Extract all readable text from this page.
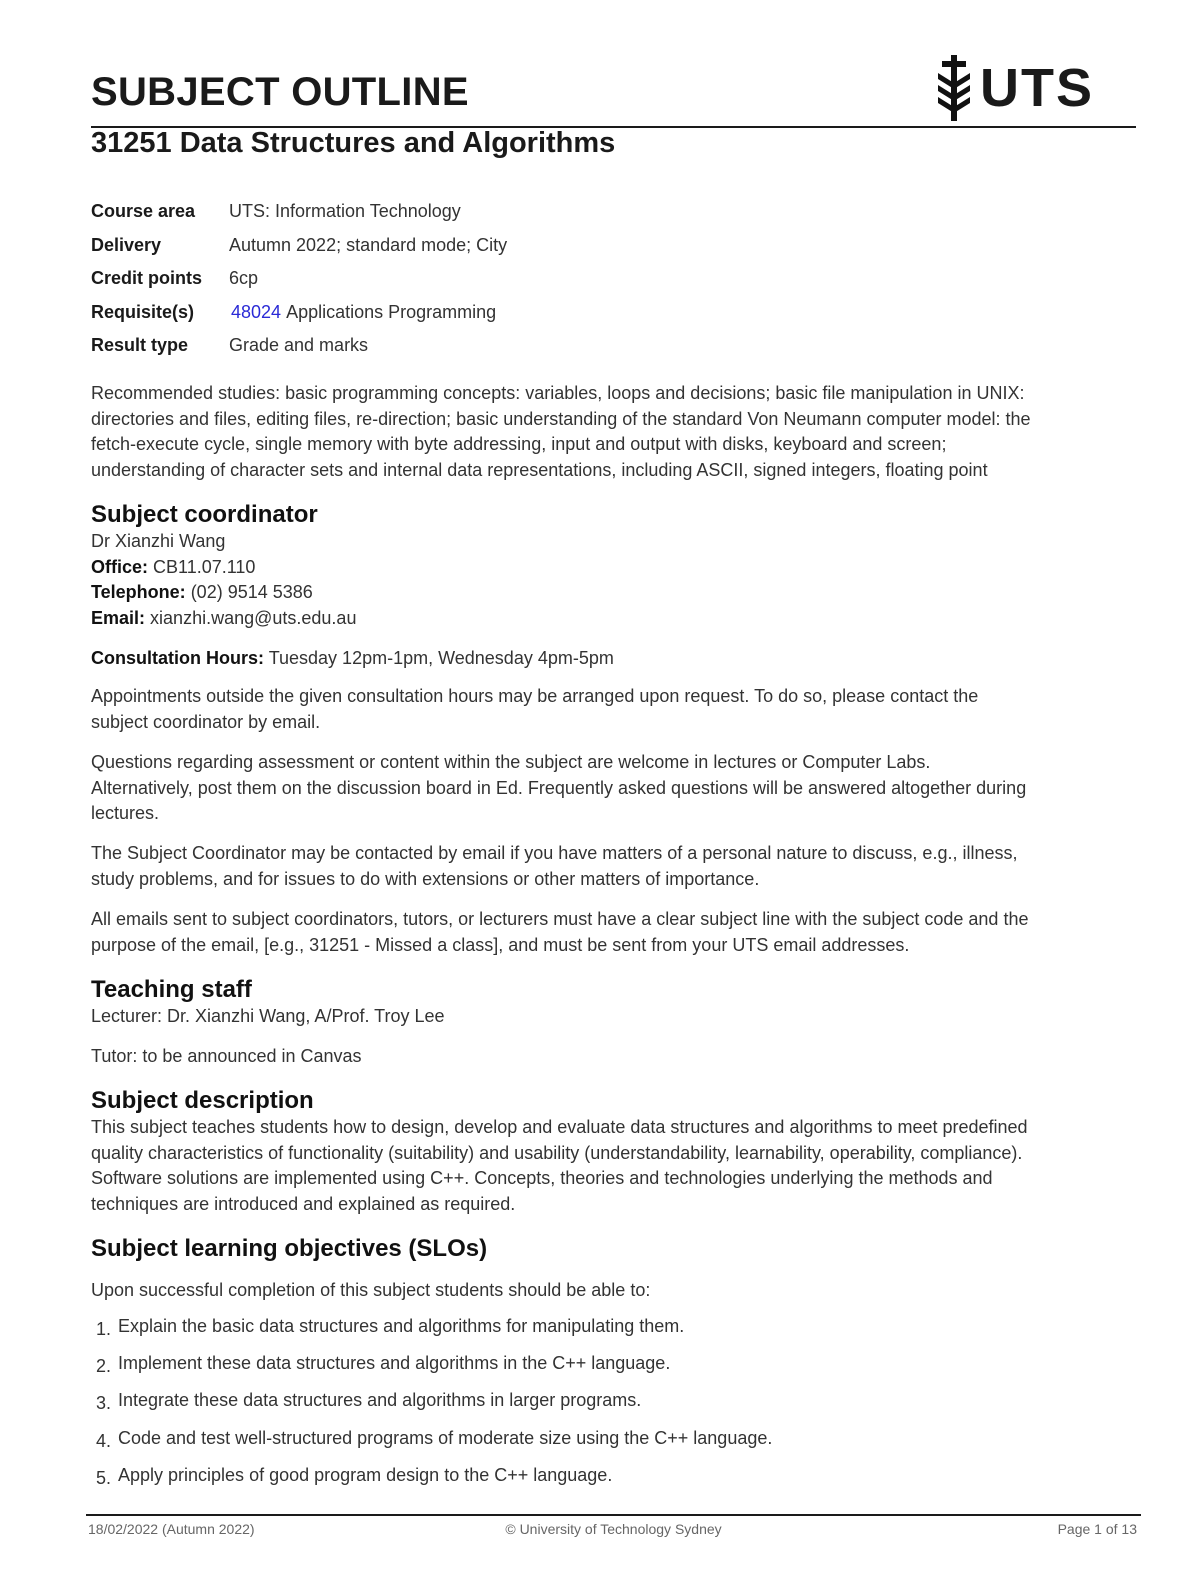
SUBJECT OUTLINE	UTS
31251 Data Structures and Algorithms
Course area	UTS: Information Technology
Delivery	Autumn 2022; standard mode; City
Credit points	6cp
Requisite(s)	48024 Applications Programming
Result type	Grade and marks

Recommended studies: basic programming concepts: variables, loops and decisions; basic file manipulation in UNIX:

directories and files, editing files, re-direction; basic understanding of the standard Von Neumann computer model: the

fetch-execute cycle, single memory with byte addressing, input and output with disks, keyboard and screen;

understanding of character sets and internal data representations, including ASCII, signed integers, floating point

Subject coordinator

Dr Xianzhi Wang

Office: CB11.07.110

Telephone: (02) 9514 5386

Email: xianzhi.wang@uts.edu.au

Consultation Hours: Tuesday 12pm-1pm, Wednesday 4pm-5pm

Appointments outside the given consultation hours may be arranged upon request. To do so, please contact the

subject coordinator by email.

Questions regarding assessment or content within the subject are welcome in lectures or Computer Labs.

Alternatively, post them on the discussion board in Ed. Frequently asked questions will be answered altogether during

lectures.

The Subject Coordinator may be contacted by email if you have matters of a personal nature to discuss, e.g., illness,

study problems, and for issues to do with extensions or other matters of importance.

All emails sent to subject coordinators, tutors, or lecturers must have a clear subject line with the subject code and the

purpose of the email, [e.g., 31251 - Missed a class], and must be sent from your UTS email addresses.

Teaching staff

Lecturer: Dr. Xianzhi Wang, A/Prof. Troy Lee

Tutor: to be announced in Canvas

Subject description

This subject teaches students how to design, develop and evaluate data structures and algorithms to meet predefined

quality characteristics of functionality (suitability) and usability (understandability, learnability, operability, compliance).

Software solutions are implemented using C++. Concepts, theories and technologies underlying the methods and

techniques are introduced and explained as required.

Subject learning objectives (SLOs)

Upon successful completion of this subject students should be able to:

1. Explain the basic data structures and algorithms for manipulating them.
2. Implement these data structures and algorithms in the C++ language.
3. Integrate these data structures and algorithms in larger programs.
4. Code and test well-structured programs of moderate size using the C++ language.
5. Apply principles of good program design to the C++ language.
18/02/2022 (Autumn 2022)	© University of Technology Sydney	Page 1 of 13
